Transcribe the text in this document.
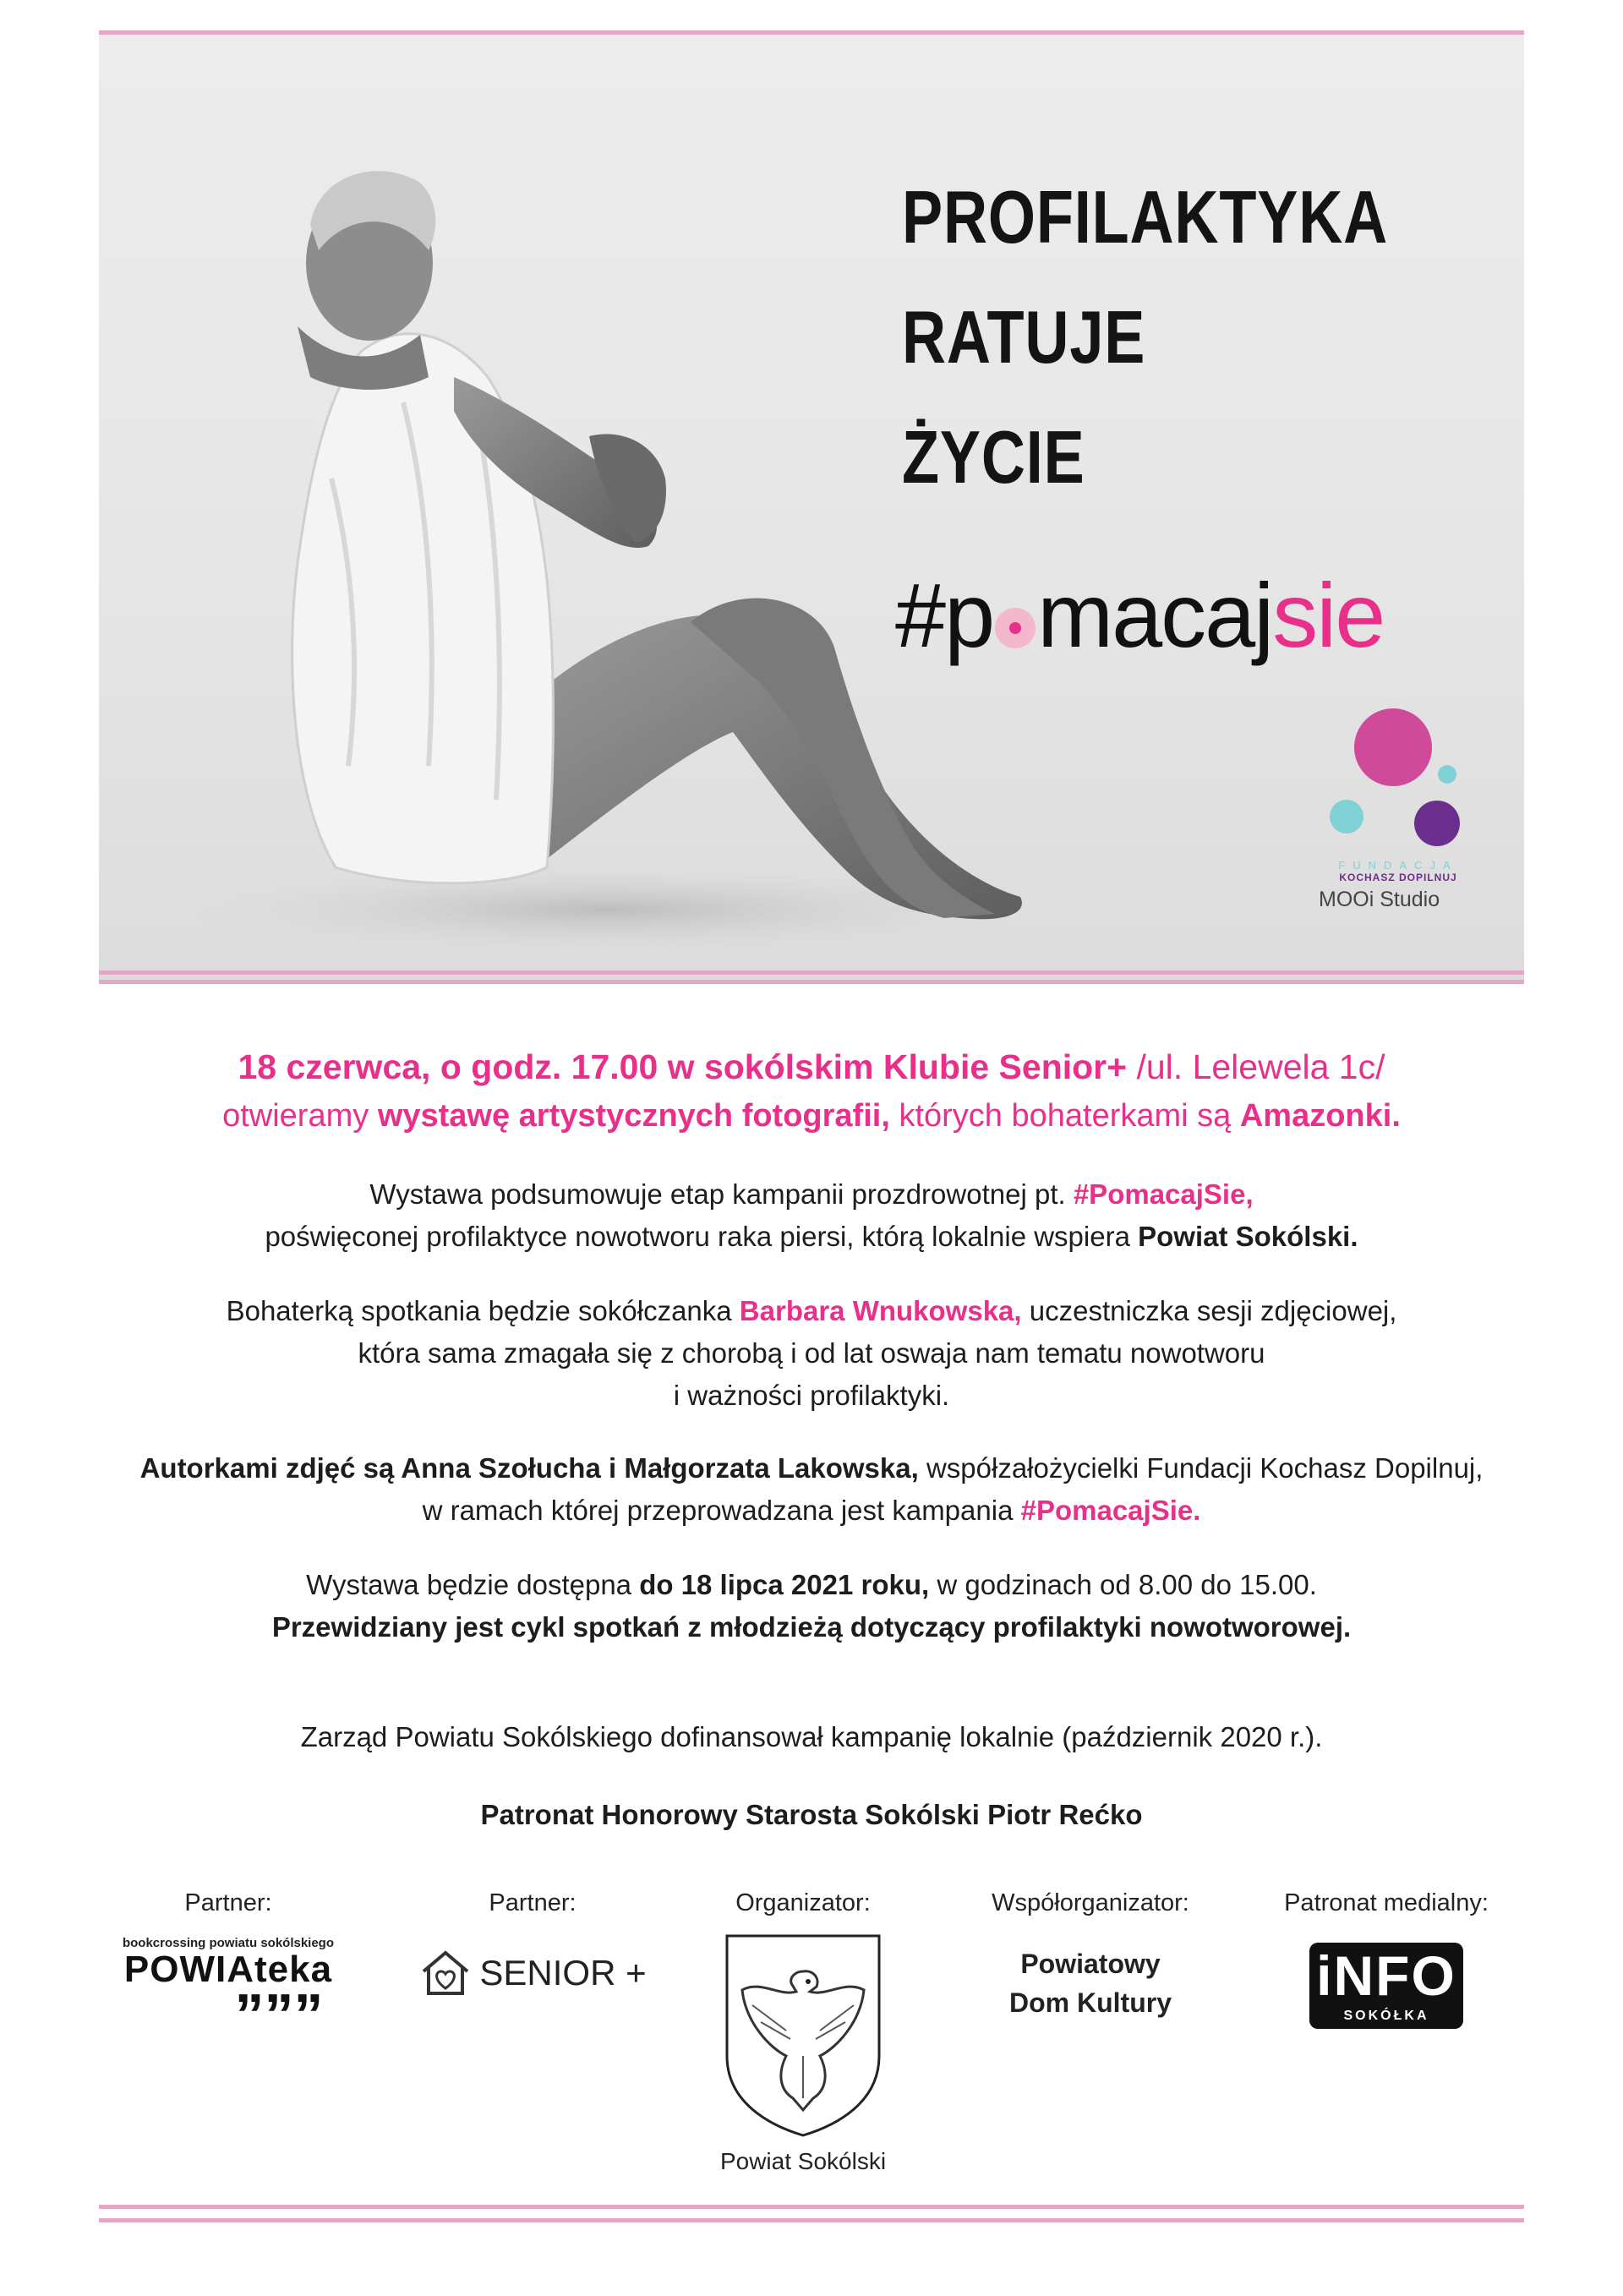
PROFILAKTYKA
RATUJE
ŻYCIE
#p macajsie
FUNDACJA
KOCHASZ DOPILNUJ
MOOi Studio

18 czerwca, o godz. 17.00 w sokólskim Klubie Senior+ /ul. Lelewela 1c/

otwieramy wystawę artystycznych fotografii, których bohaterkami są Amazonki.

Wystawa podsumowuje etap kampanii prozdrowotnej pt. #PomacajSie,

poświęconej profilaktyce nowotworu raka piersi, którą lokalnie wspiera Powiat Sokólski.

Bohaterką spotkania będzie sokółczanka Barbara Wnukowska, uczestniczka sesji zdjęciowej,

która sama zmagała się z chorobą i od lat oswaja nam tematu nowotworu

i ważności profilaktyki.

Autorkami zdjęć są Anna Szołucha i Małgorzata Lakowska, współzałożycielki Fundacji Kochasz Dopilnuj,

w ramach której przeprowadzana jest kampania #PomacajSie.

Wystawa będzie dostępna do 18 lipca 2021 roku, w godzinach od 8.00 do 15.00.

Przewidziany jest cykl spotkań z młodzieżą dotyczący profilaktyki nowotworowej.

Zarząd Powiatu Sokólskiego dofinansował kampanię lokalnie (październik 2020 r.).

Patronat Honorowy Starosta Sokólski Piotr Rećko

Partner:
bookcrossing powiatu sokólskiego
POWIAteka
”””
Partner:
SENIOR +
Organizator:
Powiat Sokólski
Współorganizator:
Powiatowy
Dom Kultury
Patronat medialny:
iNFO
SOKÓŁKA
